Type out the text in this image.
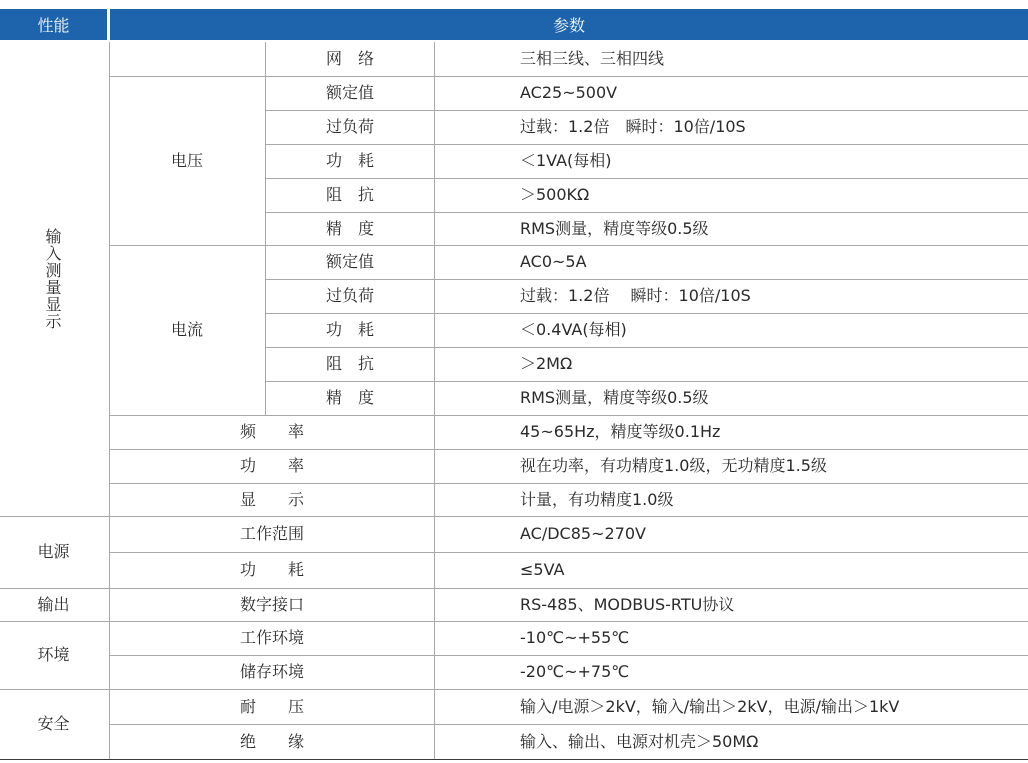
性能	参数
输
入
测
量
显
示
电压
电流
电源
输出
环境
安全
网　络
额定值
过负荷
功　耗
阻　抗
精　度
额定值
过负荷
功　耗
阻　抗
精　度
频　　率
功　　率
显　　示
工作范围
功　　耗
数字接口
工作环境
储存环境
耐　　压
绝　　缘
三相三线、三相四线
AC25~500V
过载：1.2倍　瞬时：10倍/10S
＜1VA(每相)
＞500KΩ
RMS测量，精度等级0.5级
AC0~5A
过载：1.2倍　 瞬时：10倍/10S
＜0.4VA(每相)
＞2MΩ
RMS测量，精度等级0.5级
45~65Hz，精度等级0.1Hz
视在功率，有功精度1.0级，无功精度1.5级
计量，有功精度1.0级
AC/DC85~270V
≤5VA
RS-485、MODBUS-RTU协议
-10℃~+55℃
-20℃~+75℃
输入/电源＞2kV，输入/输出＞2kV，电源/输出＞1kV
输入、输出、电源对机壳＞50MΩ
